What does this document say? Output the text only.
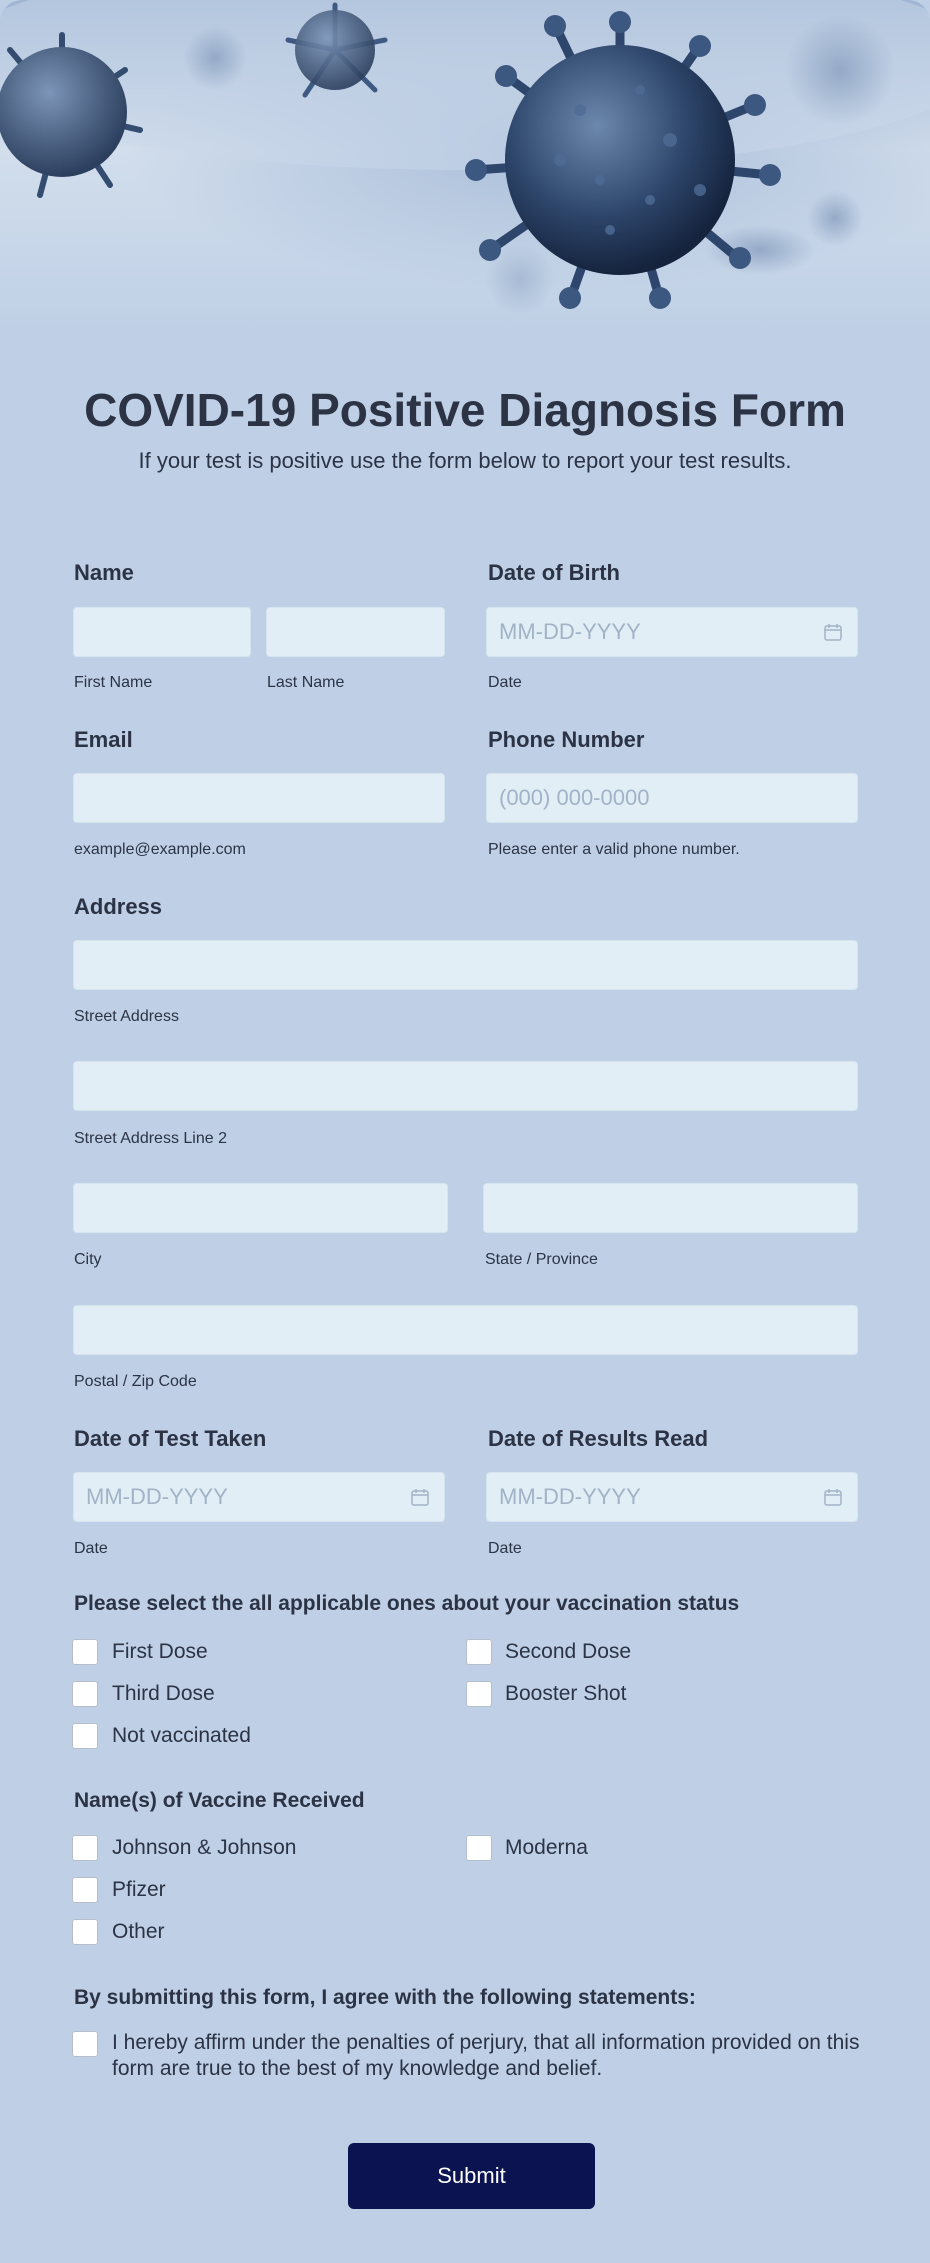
COVID-19 Positive Diagnosis Form

If your test is positive use the form below to report your test results.

Name
First Name	Last Name
Date of Birth
MM-DD-YYYY
Date
Email
example@example.com
Phone Number
(000) 000-0000
Please enter a valid phone number.
Address
Street Address
Street Address Line 2
City	State / Province
Postal / Zip Code
Date of Test Taken
MM-DD-YYYY
Date
Date of Results Read
MM-DD-YYYY
Date
Please select the all applicable ones about your vaccination status
First Dose	Second Dose
Third Dose	Booster Shot
Not vaccinated
Name(s) of Vaccine Received
Johnson & Johnson	Moderna
Pfizer
Other
By submitting this form, I agree with the following statements:
I hereby affirm under the penalties of perjury, that all information provided on this form are true to the best of my knowledge and belief.
Submit
